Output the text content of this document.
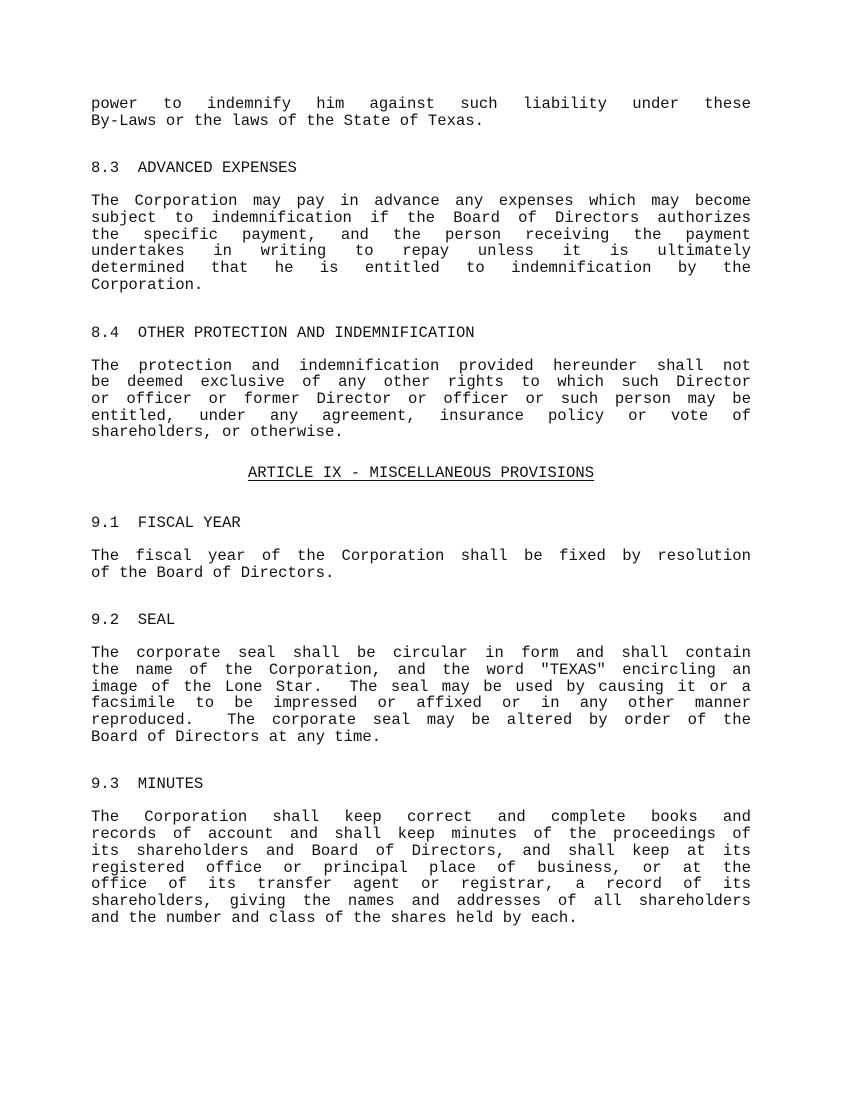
power to indemnify him against such liability under these
By-Laws or the laws of the State of Texas.
8.3  ADVANCED EXPENSES
The Corporation may pay in advance any expenses which may become
subject to indemnification if the Board of Directors authorizes
the specific payment, and the person receiving the payment
undertakes in writing to repay unless it is ultimately
determined that he is entitled to indemnification by the
Corporation.
8.4  OTHER PROTECTION AND INDEMNIFICATION
The protection and indemnification provided hereunder shall not
be deemed exclusive of any other rights to which such Director
or officer or former Director or officer or such person may be
entitled, under any agreement, insurance policy or vote of
shareholders, or otherwise.
ARTICLE IX - MISCELLANEOUS PROVISIONS
9.1  FISCAL YEAR
The fiscal year of the Corporation shall be fixed by resolution
of the Board of Directors.
9.2  SEAL
The corporate seal shall be circular in form and shall contain
the name of the Corporation, and the word "TEXAS" encircling an
image of the Lone Star.  The seal may be used by causing it or a
facsimile to be impressed or affixed or in any other manner
reproduced.  The corporate seal may be altered by order of the
Board of Directors at any time.
9.3  MINUTES
The Corporation shall keep correct and complete books and
records of account and shall keep minutes of the proceedings of
its shareholders and Board of Directors, and shall keep at its
registered office or principal place of business, or at the
office of its transfer agent or registrar, a record of its
shareholders, giving the names and addresses of all shareholders
and the number and class of the shares held by each.
